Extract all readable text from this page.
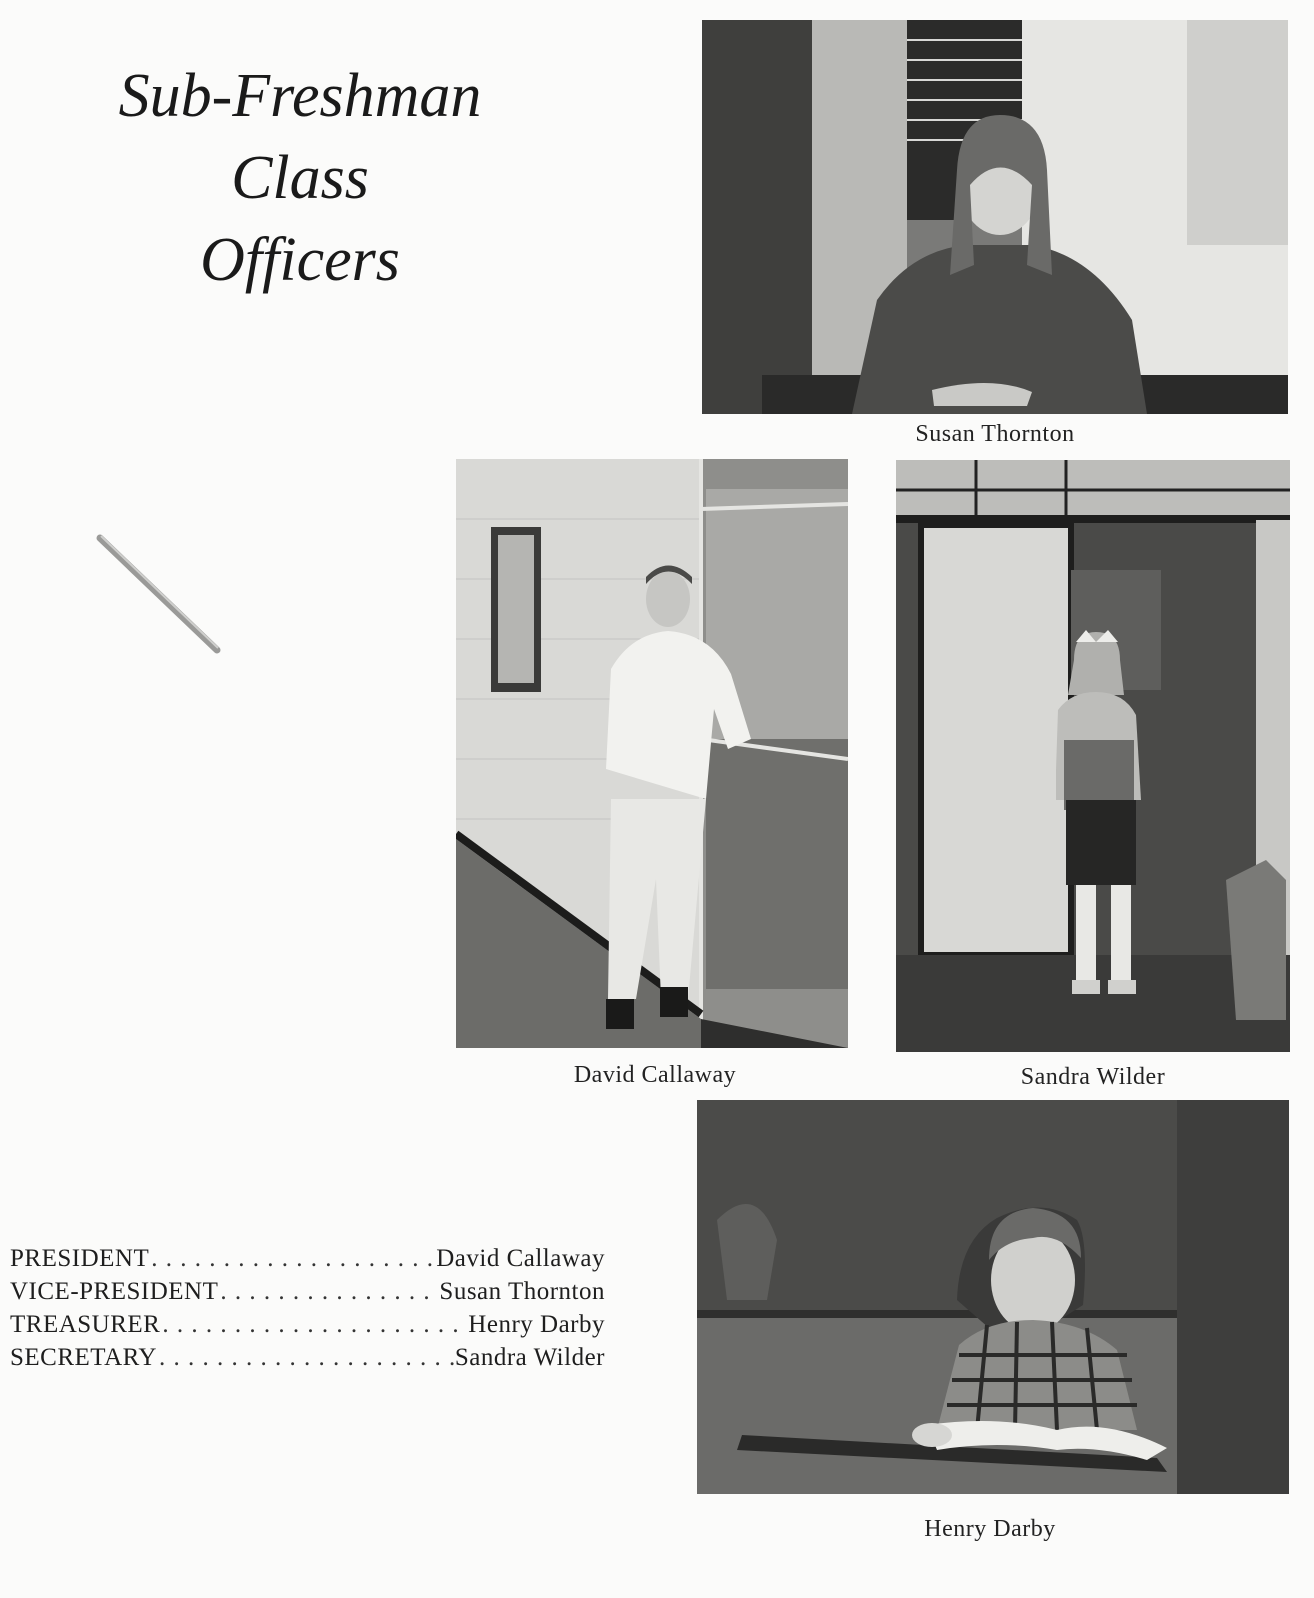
Sub-Freshman
Class
Officers
Susan Thornton
David Callaway	Sandra Wilder
Henry Darby
PRESIDENT . . .	David Callaway
VICE-PRESIDENT . . .	Susan Thornton
TREASURER . . .	Henry Darby
SECRETARY . . .	Sandra Wilder
